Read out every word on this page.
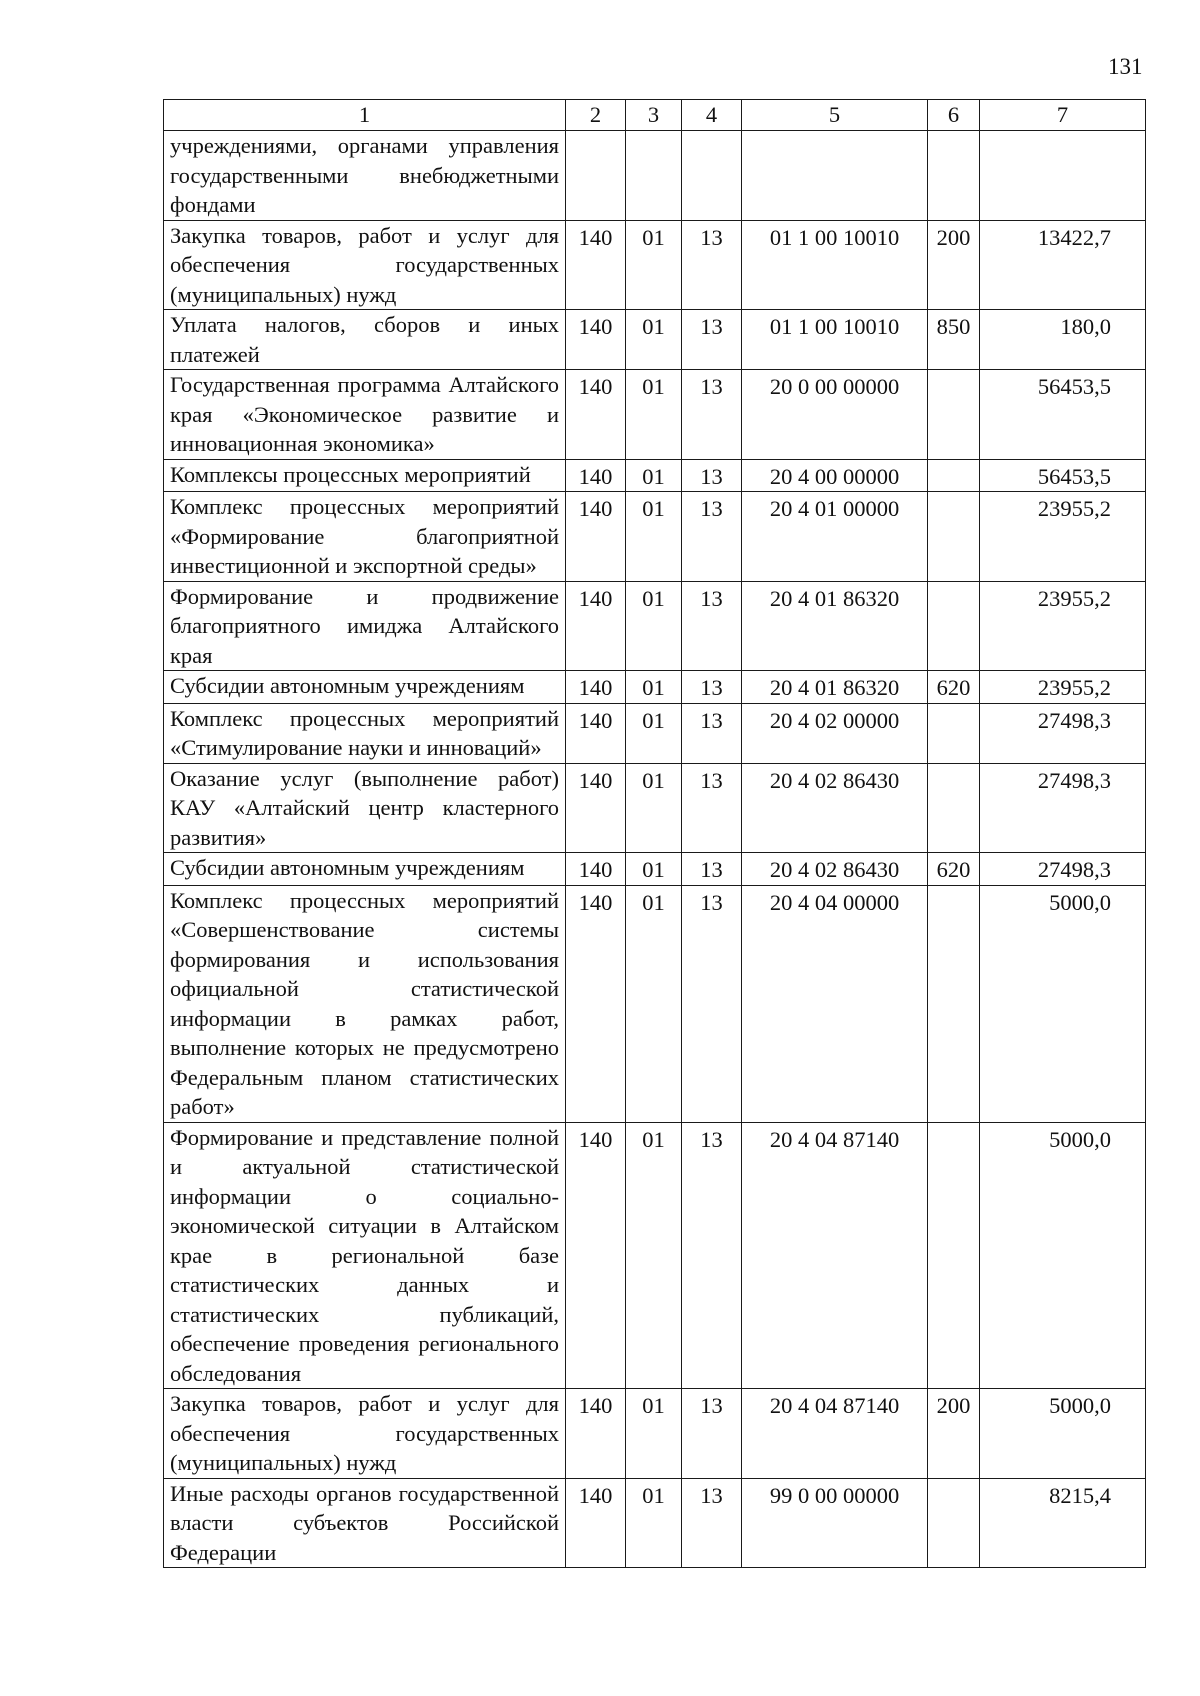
131
1	2	3	4	5	6	7
учреждениями, органами управления государственными внебюджетными фондами						
Закупка товаров, работ и услуг для обеспечения государственных (муниципальных) нужд	140	01	13	01 1 00 10010	200	13422,7
Уплата налогов, сборов и иных платежей	140	01	13	01 1 00 10010	850	180,0
Государственная программа Алтайского края «Экономическое развитие и инновационная экономика»	140	01	13	20 0 00 00000		56453,5
Комплексы процессных мероприятий	140	01	13	20 4 00 00000		56453,5
Комплекс процессных мероприятий «Формирование благоприятной инвестиционной и экспортной среды»	140	01	13	20 4 01 00000		23955,2
Формирование и продвижение благоприятного имиджа Алтайского края	140	01	13	20 4 01 86320		23955,2
Субсидии автономным учреждениям	140	01	13	20 4 01 86320	620	23955,2
Комплекс процессных мероприятий «Стимулирование науки и инноваций»	140	01	13	20 4 02 00000		27498,3
Оказание услуг (выполнение работ) КАУ «Алтайский центр кластерного развития»	140	01	13	20 4 02 86430		27498,3
Субсидии автономным учреждениям	140	01	13	20 4 02 86430	620	27498,3
Комплекс процессных мероприятий «Совершенствование системы формирования и использования официальной статистической информации в рамках работ, выполнение которых не предусмотрено Федеральным планом статистических работ»	140	01	13	20 4 04 00000		5000,0
Формирование и представление полной и актуальной статистической информации о социально-экономической ситуации в Алтайском крае в региональной базе статистических данных и статистических публикаций, обеспечение проведения регионального обследования	140	01	13	20 4 04 87140		5000,0
Закупка товаров, работ и услуг для обеспечения государственных (муниципальных) нужд	140	01	13	20 4 04 87140	200	5000,0
Иные расходы органов государственной власти субъектов Российской Федерации	140	01	13	99 0 00 00000		8215,4
